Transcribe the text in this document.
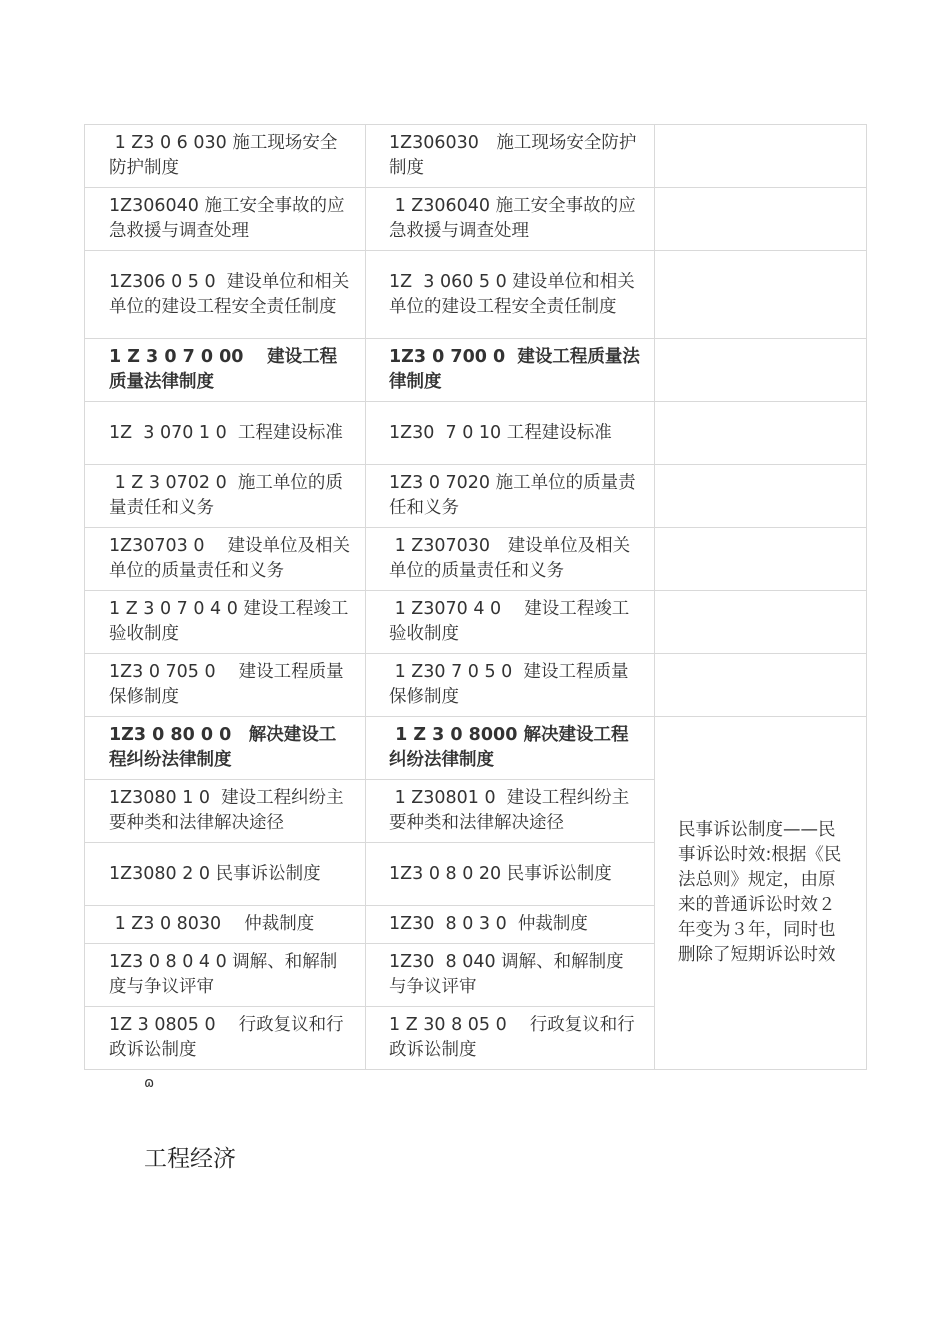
1 Z3 0 6 030 施工现场安全防护制度	1Z306030　施工现场安全防护制度	
1Z306040 施工安全事故的应急救援与调查处理	1 Z306040 施工安全事故的应急救援与调查处理	
1Z306 0 5 0  建设单位和相关单位的建设工程安全责任制度	1Z  3 060 5 0 建设单位和相关单位的建设工程安全责任制度	
1 Z 3 0 7 0 00　 建设工程质量法律制度	1Z3 0 700 0  建设工程质量法律制度	
1Z  3 070 1 0  工程建设标准	1Z30  7 0 10 工程建设标准	
1 Z 3 0702 0  施工单位的质量责任和义务	1Z3 0 7020 施工单位的质量责任和义务	
1Z30703 0　 建设单位及相关单位的质量责任和义务	1 Z307030　建设单位及相关单位的质量责任和义务	
1 Z 3 0 7 0 4 0 建设工程竣工验收制度	1 Z3070 4 0　 建设工程竣工验收制度	
1Z3 0 705 0　 建设工程质量保修制度	1 Z30 7 0 5 0  建设工程质量保修制度	
1Z3 0 80 0 0　解决建设工程纠纷法律制度	1 Z 3 0 8000 解决建设工程纠纷法律制度	民事诉讼制度——民事诉讼时效:根据《民法总则》规定，由原来的普通诉讼时效２年变为３年，同时也删除了短期诉讼时效
1Z3080 1 0  建设工程纠纷主要种类和法律解决途径	1 Z30801 0  建设工程纠纷主要种类和法律解决途径	
1Z3080 2 0 民事诉讼制度	1Z3 0 8 0 20 民事诉讼制度	
1 Z3 0 8030　 仲裁制度	1Z30  8 0 3 0  仲裁制度	
1Z3 0 8 0 4 0 调解、和解制度与争议评审	1Z30  8 040 调解、和解制度与争议评审	
1Z 3 0805 0　 行政复议和行政诉讼制度	1 Z 30 8 05 0　 行政复议和行政诉讼制度	
ɷ
工程经济
